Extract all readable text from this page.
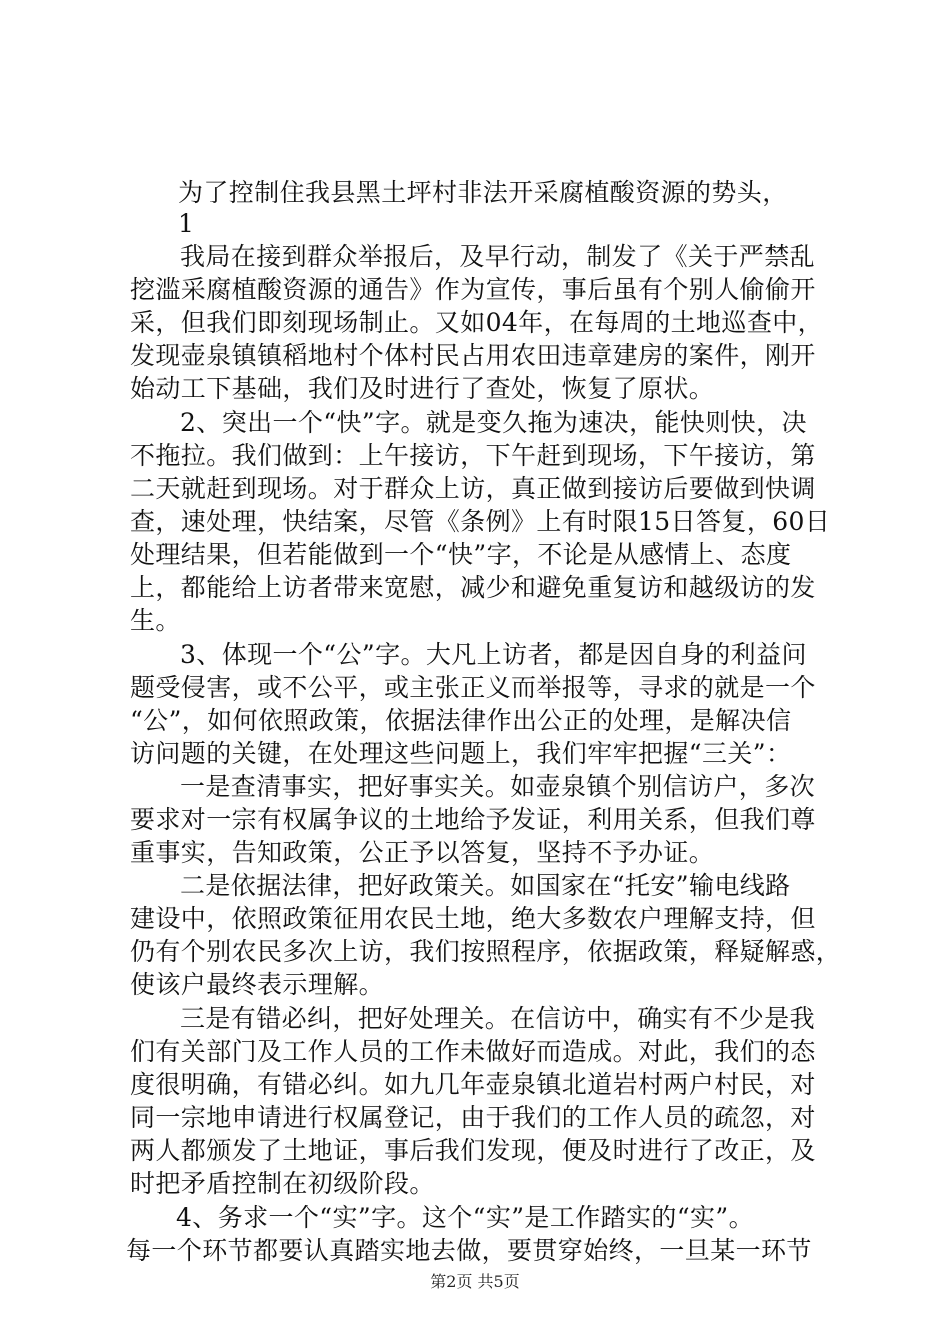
为了控制住我县黑土坪村非法开采腐植酸资源的势头，
1
我局在接到群众举报后，及早行动，制发了《关于严禁乱
挖滥采腐植酸资源的通告》作为宣传，事后虽有个别人偷偷开
采，但我们即刻现场制止。又如04年，在每周的土地巡查中，
发现壶泉镇镇稻地村个体村民占用农田违章建房的案件，刚开
始动工下基础，我们及时进行了查处，恢复了原状。
2、突出一个“快”字。就是变久拖为速决，能快则快，决
不拖拉。我们做到：上午接访，下午赶到现场，下午接访，第
二天就赶到现场。对于群众上访，真正做到接访后要做到快调
查，速处理，快结案，尽管《条例》上有时限15日答复，60日
处理结果，但若能做到一个“快”字，不论是从感情上、态度
上，都能给上访者带来宽慰，减少和避免重复访和越级访的发
生。
3、体现一个“公”字。大凡上访者，都是因自身的利益问
题受侵害，或不公平，或主张正义而举报等，寻求的就是一个
“公”，如何依照政策，依据法律作出公正的处理，是解决信
访问题的关键，在处理这些问题上，我们牢牢把握“三关”：
一是查清事实，把好事实关。如壶泉镇个别信访户，多次
要求对一宗有权属争议的土地给予发证，利用关系，但我们尊
重事实，告知政策，公正予以答复，坚持不予办证。
二是依据法律，把好政策关。如国家在“托安”输电线路
建设中，依照政策征用农民土地，绝大多数农户理解支持，但
仍有个别农民多次上访，我们按照程序，依据政策，释疑解惑，
使该户最终表示理解。
三是有错必纠，把好处理关。在信访中，确实有不少是我
们有关部门及工作人员的工作未做好而造成。对此，我们的态
度很明确，有错必纠。如九几年壶泉镇北道岩村两户村民，对
同一宗地申请进行权属登记，由于我们的工作人员的疏忽，对
两人都颁发了土地证，事后我们发现，便及时进行了改正，及
时把矛盾控制在初级阶段。
4、务求一个“实”字。这个“实”是工作踏实的“实”。
每一个环节都要认真踏实地去做，要贯穿始终，一旦某一环节
第2页 共5页
